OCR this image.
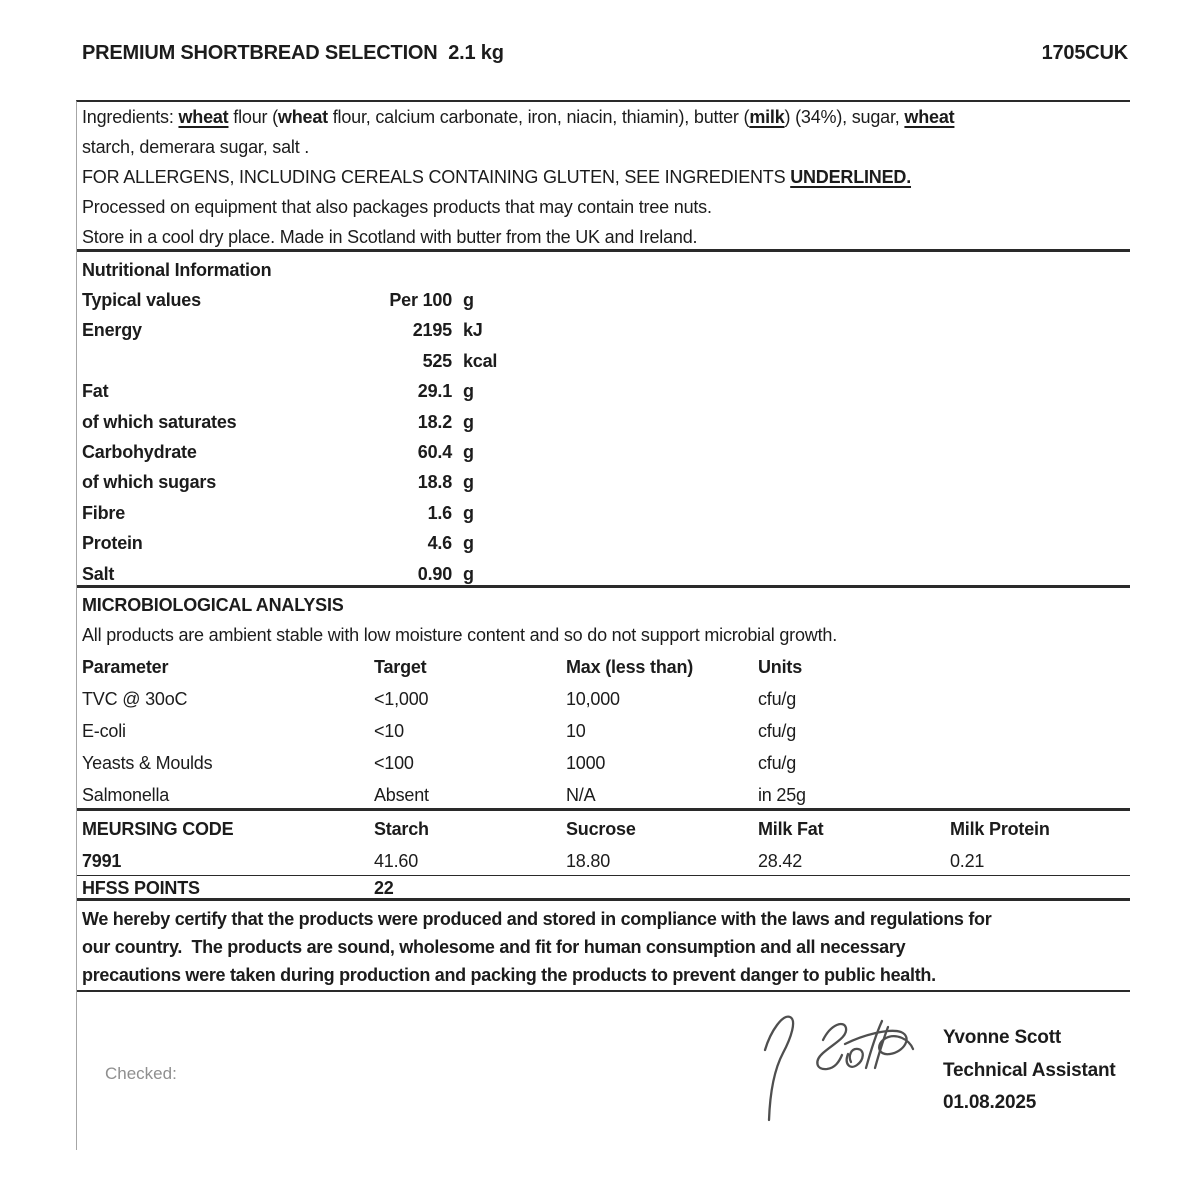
PREMIUM SHORTBREAD SELECTION  2.1 kg	1705CUK
Ingredients: wheat flour (wheat flour, calcium carbonate, iron, niacin, thiamin), butter (milk) (34%), sugar, wheat
starch, demerara sugar, salt .
FOR ALLERGENS, INCLUDING CEREALS CONTAINING GLUTEN, SEE INGREDIENTS UNDERLINED.
Processed on equipment that also packages products that may contain tree nuts.
Store in a cool dry place. Made in Scotland with butter from the UK and Ireland.
Nutritional Information
Typical values	Per 100 g
Energy	2195 kJ
525 kcal
Fat	29.1 g
of which saturates	18.2 g
Carbohydrate	60.4 g
of which sugars	18.8 g
Fibre	1.6 g
Protein	4.6 g
Salt	0.90 g
MICROBIOLOGICAL ANALYSIS
All products are ambient stable with low moisture content and so do not support microbial growth.
Parameter	Target	Max (less than)	Units
TVC @ 30oC	<1,000	10,000	cfu/g
E-coli	<10	10	cfu/g
Yeasts & Moulds	<100	1000	cfu/g
Salmonella	Absent	N/A	in 25g
MEURSING CODE	Starch	Sucrose	Milk Fat	Milk Protein
7991	41.60	18.80	28.42	0.21
HFSS POINTS	22
We hereby certify that the products were produced and stored in compliance with the laws and regulations for
our country.  The products are sound, wholesome and fit for human consumption and all necessary
precautions were taken during production and packing the products to prevent danger to public health.
Checked:
Yvonne Scott
Technical Assistant
01.08.2025
